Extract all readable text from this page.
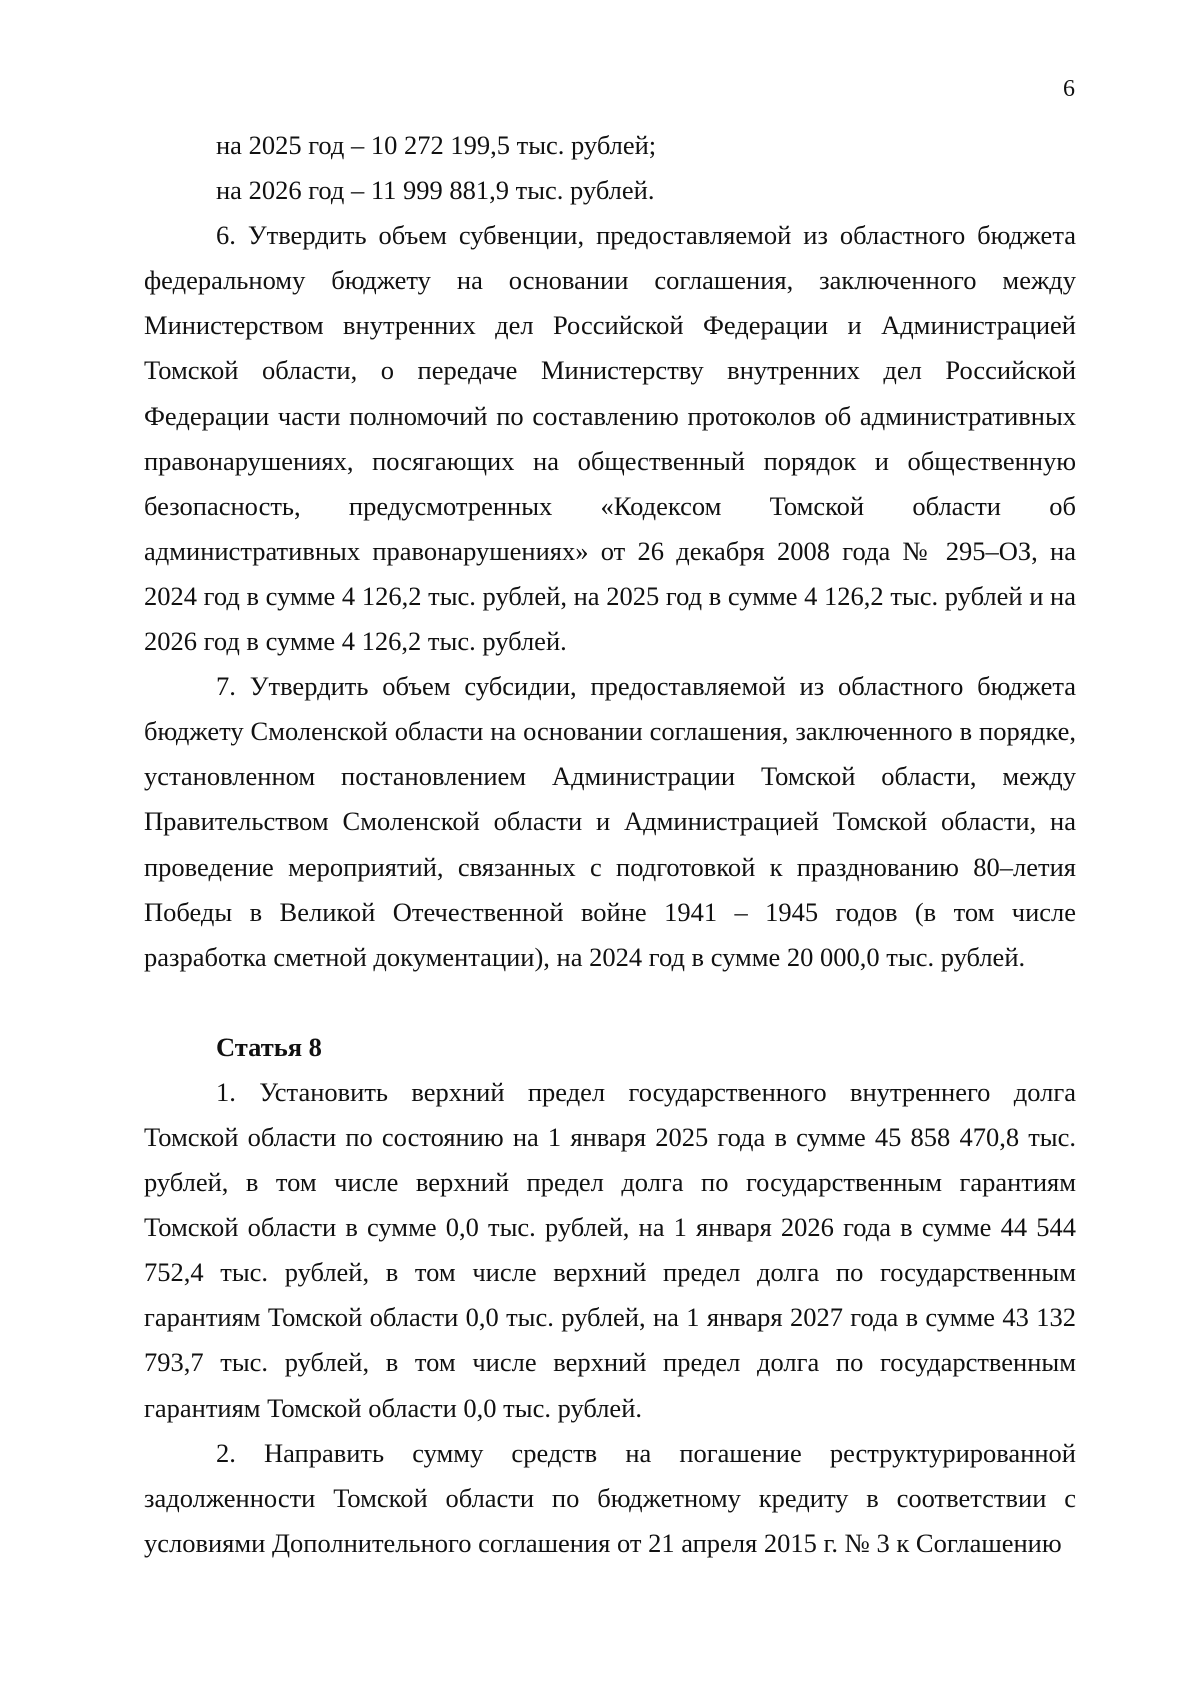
6

на 2025 год – 10 272 199,5 тыс. рублей;

на 2026 год – 11 999 881,9 тыс. рублей.

6. Утвердить объем субвенции, предоставляемой из областного бюджета федеральному бюджету на основании соглашения, заключенного между Министерством внутренних дел Российской Федерации и Администрацией Томской области, о передаче Министерству внутренних дел Российской Федерации части полномочий по составлению протоколов об административных правонарушениях, посягающих на общественный порядок и общественную безопасность, предусмотренных «Кодексом Томской области об административных правонарушениях» от 26 декабря 2008 года № 295–ОЗ, на 2024 год в сумме 4 126,2 тыс. рублей, на 2025 год в сумме 4 126,2 тыс. рублей и на 2026 год в сумме 4 126,2 тыс. рублей.

7. Утвердить объем субсидии, предоставляемой из областного бюджета бюджету Смоленской области на основании соглашения, заключенного в порядке, установленном постановлением Администрации Томской области, между Правительством Смоленской области и Администрацией Томской области, на проведение мероприятий, связанных с подготовкой к празднованию 80–летия Победы в Великой Отечественной войне 1941 – 1945 годов (в том числе разработка сметной документации), на 2024 год в сумме 20 000,0 тыс. рублей.

Статья 8

1. Установить верхний предел государственного внутреннего долга Томской области по состоянию на 1 января 2025 года в сумме 45 858 470,8 тыс. рублей, в том числе верхний предел долга по государственным гарантиям Томской области в сумме 0,0 тыс. рублей, на 1 января 2026 года в сумме 44 544 752,4 тыс. рублей, в том числе верхний предел долга по государственным гарантиям Томской области 0,0 тыс. рублей, на 1 января 2027 года в сумме 43 132 793,7 тыс. рублей, в том числе верхний предел долга по государственным гарантиям Томской области 0,0 тыс. рублей.

2. Направить сумму средств на погашение реструктурированной задолженности Томской области по бюджетному кредиту в соответствии с условиями Дополнительного соглашения от 21 апреля 2015 г. № 3 к Соглашению
